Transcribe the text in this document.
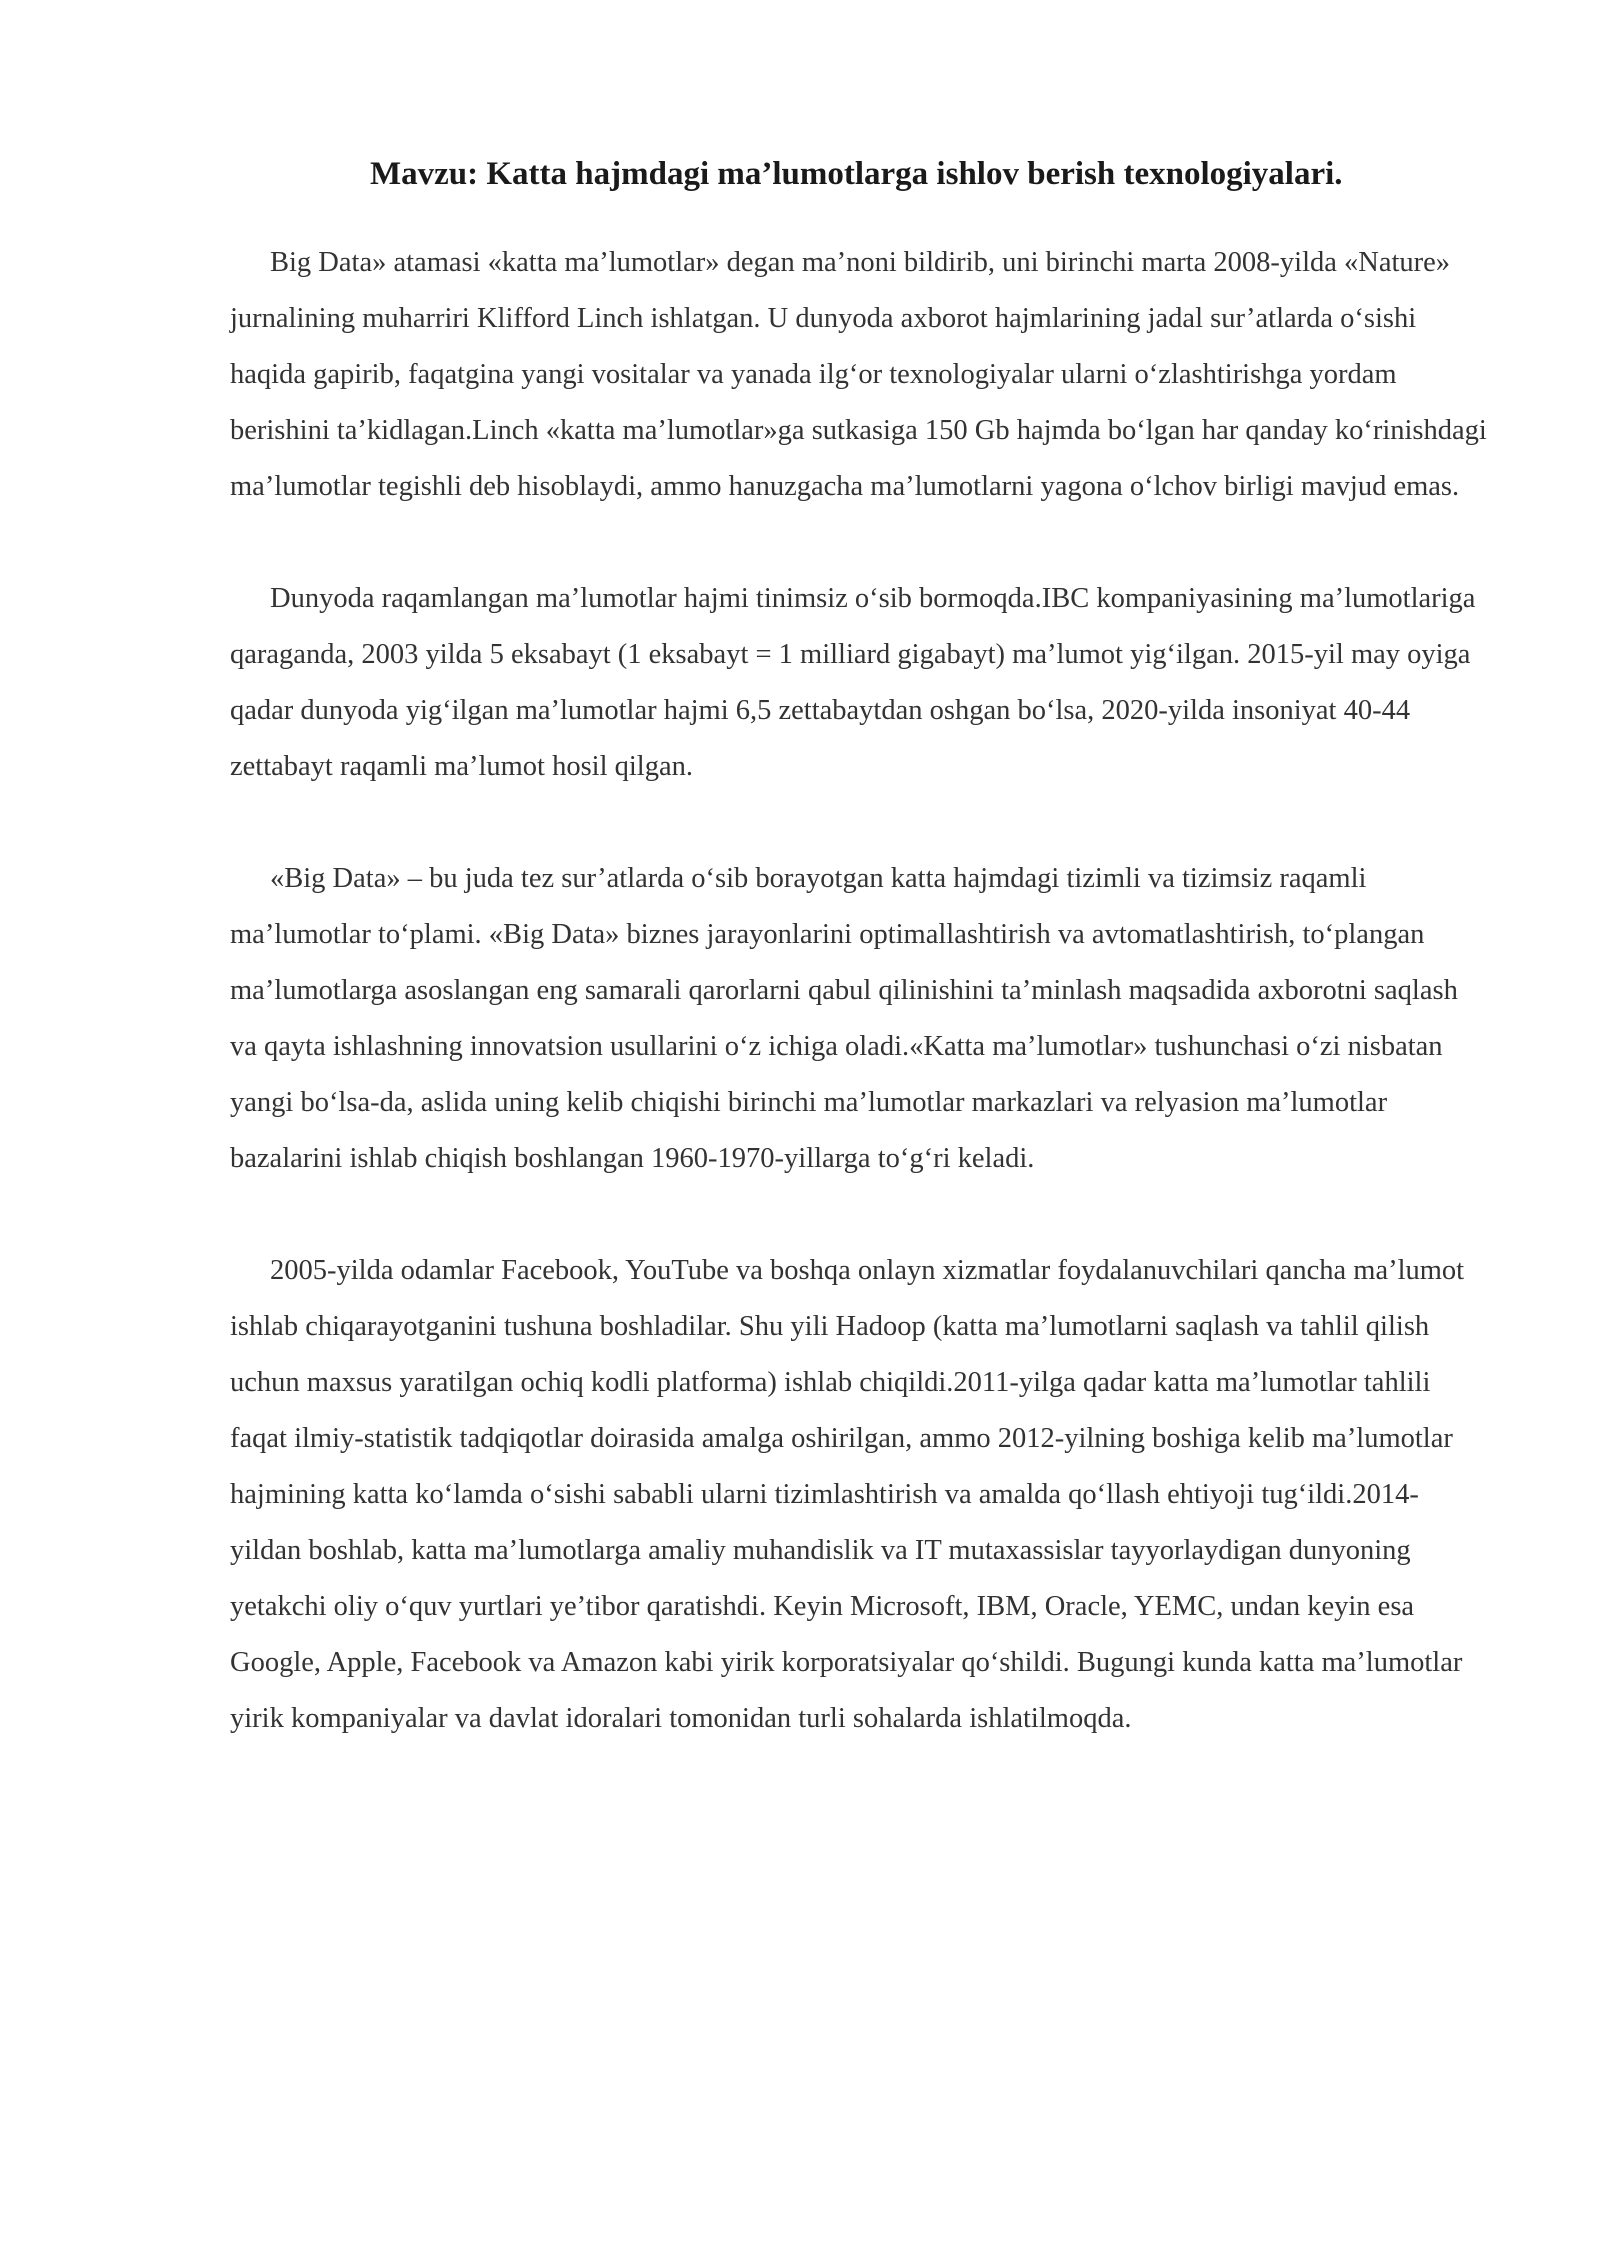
Mavzu: Katta hajmdagi ma’lumotlarga ishlov berish texnologiyalari.

Big Data» atamasi «katta ma’lumotlar» degan ma’noni bildirib, uni birinchi marta 2008-yilda «Nature» jurnalining muharriri Klifford Linch ishlatgan. U dunyoda axborot hajmlarining jadal sur’atlarda o‘sishi haqida gapirib, faqatgina yangi vositalar va yanada ilg‘or texnologiyalar ularni o‘zlashtirishga yordam berishini ta’kidlagan.Linch «katta ma’lumotlar»ga sutkasiga 150 Gb hajmda bo‘lgan har qanday ko‘rinishdagi ma’lumotlar tegishli deb hisoblaydi, ammo hanuzgacha ma’lumotlarni yagona o‘lchov birligi mavjud emas.

Dunyoda raqamlangan ma’lumotlar hajmi tinimsiz o‘sib bormoqda.IBC kompaniyasining ma’lumotlariga qaraganda, 2003 yilda 5 eksabayt (1 eksabayt = 1 milliard gigabayt) ma’lumot yig‘ilgan. 2015-yil may oyiga qadar dunyoda yig‘ilgan ma’lumotlar hajmi 6,5 zettabaytdan oshgan bo‘lsa, 2020-yilda insoniyat 40-44 zettabayt raqamli ma’lumot hosil qilgan.

«Big Data» – bu juda tez sur’atlarda o‘sib borayotgan katta hajmdagi tizimli va tizimsiz raqamli ma’lumotlar to‘plami. «Big Data» biznes jarayonlarini optimallashtirish va avtomatlashtirish, to‘plangan ma’lumotlarga asoslangan eng samarali qarorlarni qabul qilinishini ta’minlash maqsadida axborotni saqlash va qayta ishlashning innovatsion usullarini o‘z ichiga oladi.«Katta ma’lumotlar» tushunchasi o‘zi nisbatan yangi bo‘lsa-da, aslida uning kelib chiqishi birinchi ma’lumotlar markazlari va relyasion ma’lumotlar bazalarini ishlab chiqish boshlangan 1960-1970-yillarga to‘g‘ri keladi.

2005-yilda odamlar Facebook, YouTube va boshqa onlayn xizmatlar foydalanuvchilari qancha ma’lumot ishlab chiqarayotganini tushuna boshladilar. Shu yili Hadoop (katta ma’lumotlarni saqlash va tahlil qilish uchun maxsus yaratilgan ochiq kodli platforma) ishlab chiqildi.2011-yilga qadar katta ma’lumotlar tahlili faqat ilmiy-statistik tadqiqotlar doirasida amalga oshirilgan, ammo 2012-yilning boshiga kelib ma’lumotlar hajmining katta ko‘lamda o‘sishi sababli ularni tizimlashtirish va amaldа qo‘llash ehtiyoji tug‘ildi.2014-yildan boshlab, katta ma’lumotlarga amaliy muhandislik va IT mutaxassislar tayyorlaydigan dunyoning yetakchi oliy o‘quv yurtlari ye’tibor qaratishdi. Keyin Microsoft, IBM, Oracle, YEMC, undan keyin esa Google, Apple, Facebook va Amazon kabi yirik korporatsiyalar qo‘shildi. Bugungi kunda katta ma’lumotlar yirik kompaniyalar va davlat idoralari tomonidan turli sohalarda ishlatilmoqda.
